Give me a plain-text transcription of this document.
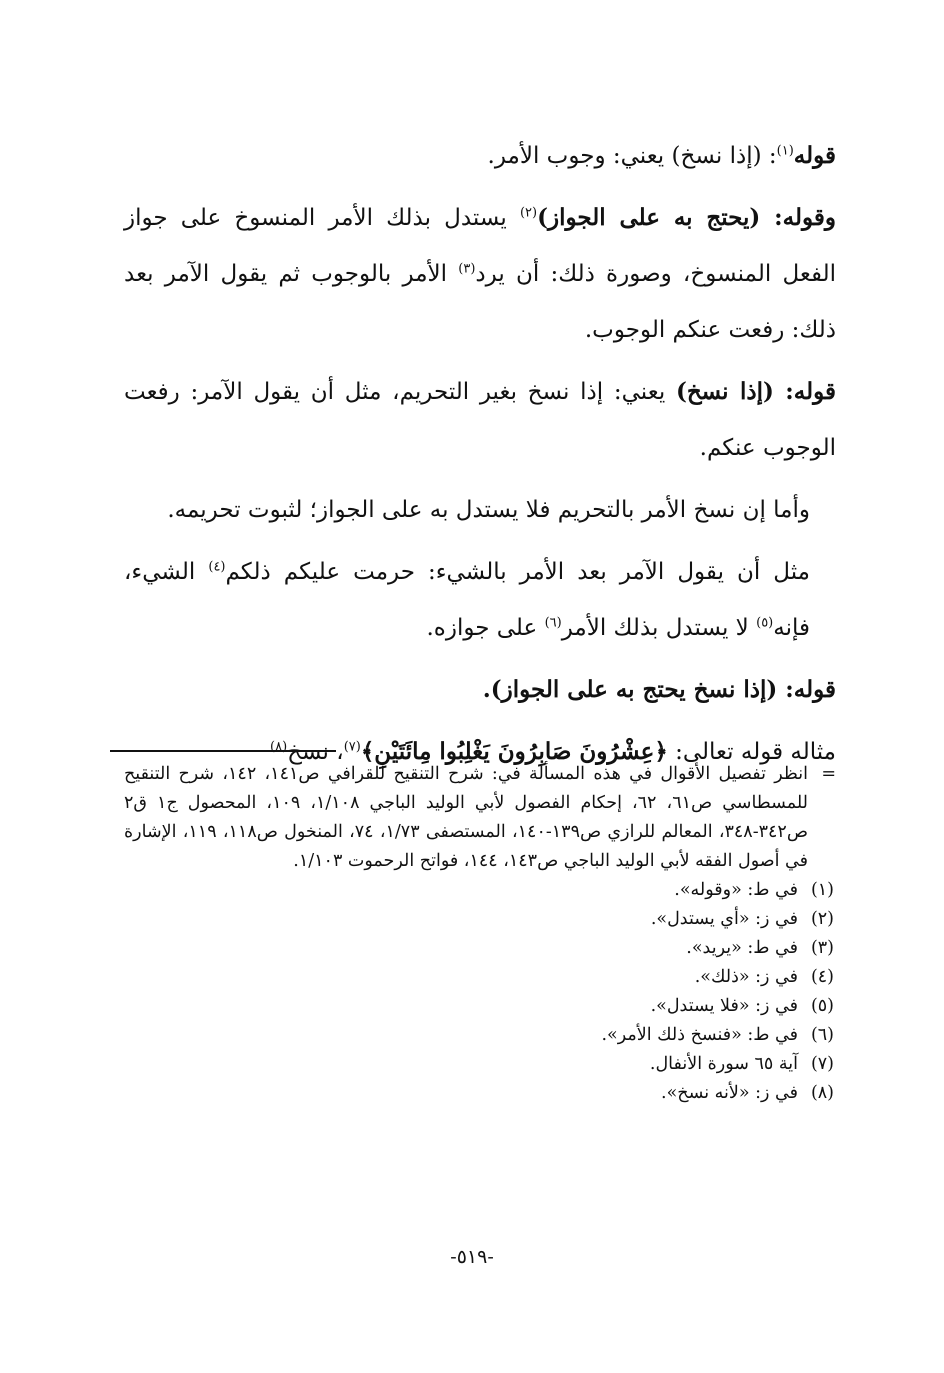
قوله$^{(١)}$: (إذا نسخ) يعني: وجوب الأمر.

وقوله: (يحتج به على الجواز)$^{(٢)}$ يستدل بذلك الأمر المنسوخ على جواز الفعل المنسوخ، وصورة ذلك: أن يرد$^{(٣)}$ الأمر بالوجوب ثم يقول الآمر بعد ذلك: رفعت عنكم الوجوب.

قوله: (إذا نسخ) يعني: إذا نسخ بغير التحريم، مثل أن يقول الآمر: رفعت الوجوب عنكم.

وأما إن نسخ الأمر بالتحريم فلا يستدل به على الجواز؛ لثبوت تحريمه.

مثل أن يقول الآمر بعد الأمر بالشيء: حرمت عليكم ذلكم$^{(٤)}$ الشيء، فإنه$^{(٥)}$ لا يستدل بذلك الأمر$^{(٦)}$ على جوازه.

قوله: (إذا نسخ يحتج به على الجواز).

مثاله قوله تعالى: ﴿عِشْرُونَ صَابِرُونَ يَغْلِبُوا مِائَتَيْنِ﴾$^{(٧)}$، نسخ$^{(٨)}$

=
انظر تفصيل الأقوال في هذه المسألة في: شرح التنقيح للقرافي ص١٤١، ١٤٢، شرح التنقيح للمسطاسي ص٦١، ٦٢، إحكام الفصول لأبي الوليد الباجي ١/١٠٨، ١٠٩، المحصول ج١ ق٢ ص٣٤٢-٣٤٨، المعالم للرازي ص١٣٩-١٤٠، المستصفى ١/٧٣، ٧٤، المنخول ص١١٨، ١١٩، الإشارة في أصول الفقه لأبي الوليد الباجي ص١٤٣، ١٤٤، فواتح الرحموت ١/١٠٣.
(١)في ط: «وقوله».
(٢)في ز: «أي يستدل».
(٣)في ط: «يريد».
(٤)في ز: «ذلك».
(٥)في ز: «فلا يستدل».
(٦)في ط: «فنسخ ذلك الأمر».
(٧)آية ٦٥ سورة الأنفال.
(٨)في ز: «لأنه نسخ».
-٥١٩-
